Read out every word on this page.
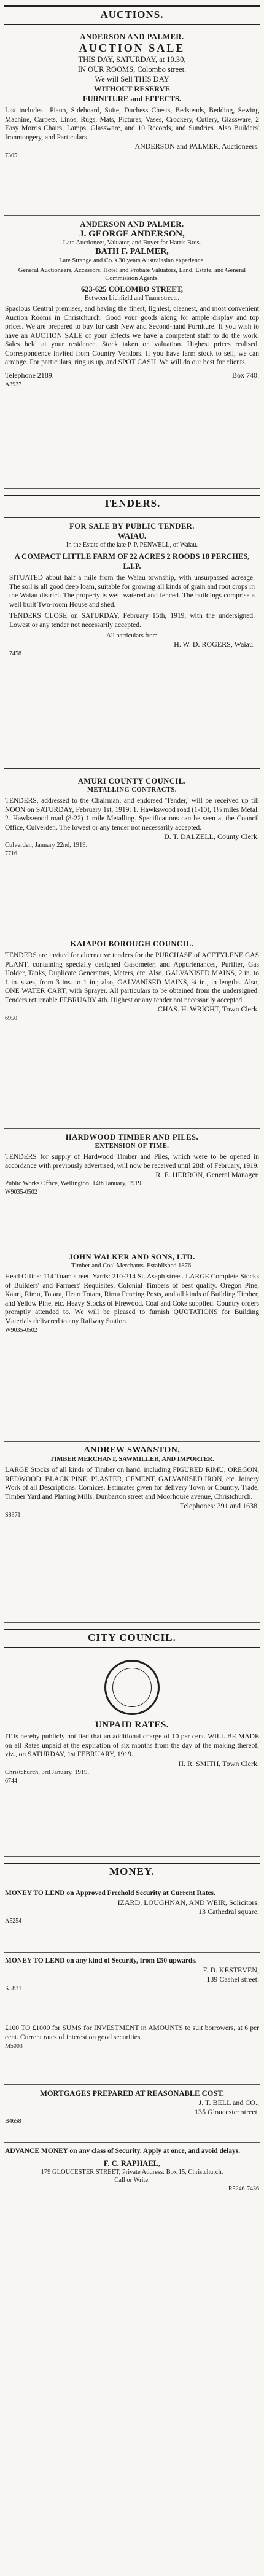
AUCTIONS.
ANDERSON AND PALMER.
AUCTION SALE
THIS DAY, SATURDAY, at 10.30,
IN OUR ROOMS, Colombo street.
We will Sell THIS DAY
WITHOUT RESERVE
FURNITURE and EFFECTS.
List includes—Piano, Sideboard, Suite, Duchess Chests, Bedsteads, Bedding, Sewing Machine, Carpets, Linos, Rugs, Mats, Pictures, Vases, Crockery, Cutlery, Glassware, 2 Easy Morris Chairs, Lamps, Glassware, and 10 Records, and Sundries. Also Builders' Ironmongery, and Particulars.
ANDERSON and PALMER, Auctioneers.
7305
ANDERSON AND PALMER.
J. GEORGE ANDERSON,
Late Auctioneer, Valuator, and Buyer for Harris Bros.
BATH F. PALMER,
Late Strange and Co.'s 30 years Australasian experience.
General Auctioneers, Accessors, Hotel and Probate Valuators, Land, Estate, and General Commission Agents.
623-625 COLOMBO STREET,
Between Lichfield and Tuam streets.
Spacious Central premises, and having the finest, lightest, cleanest, and most convenient Auction Rooms in Christchurch. Good your goods along for ample display and top prices. We are prepared to buy for cash New and Second-hand Furniture. If you wish to have an AUCTION SALE of your Effects we have a competent staff to do the work. Sales held at your residence. Stock taken on valuation. Highest prices realised. Correspondence invited from Country Vendors. If you have farm stock to sell, we can arrange. For particulars, ring us up, and SPOT CASH. We will do our best for clients.
Telephone 2189.	Box 740.
A3937
TENDERS.
FOR SALE BY PUBLIC TENDER.
WAIAU.
In the Estate of the late P. P. PENWELL, of Waiau.
A COMPACT LITTLE FARM OF 22 ACRES 2 ROODS 18 PERCHES, L.I.P.
SITUATED about half a mile from the Waiau township, with unsurpassed acreage. The soil is all good deep loam, suitable for growing all kinds of grain and root crops in the Waiau district. The property is well watered and fenced. The buildings comprise a well built Two-room House and shed.
TENDERS CLOSE on SATURDAY, February 15th, 1919, with the undersigned. Lowest or any tender not necessarily accepted.
All particulars from
H. W. D. ROGERS, Waiau.
7458
AMURI COUNTY COUNCIL.
METALLING CONTRACTS.
TENDERS, addressed to the Chairman, and endorsed 'Tender,' will be received up till NOON on SATURDAY, February 1st, 1919: 1. Hawkswood road (1-10), 1½ miles Metal. 2. Hawkswood road (8-22) 1 mile Metalling. Specifications can be seen at the Council Office, Culverden. The lowest or any tender not necessarily accepted.
D. T. DALZELL, County Clerk.
Culverden, January 22nd, 1919.
7716
KAIAPOI BOROUGH COUNCIL.
TENDERS are invited for alternative tenders for the PURCHASE of ACETYLENE GAS PLANT, containing specially designed Gasometer, and Appurtenances, Purifier, Gas Holder, Tanks, Duplicate Generators, Meters, etc. Also, GALVANISED MAINS, 2 in. to 1 in. sizes, from 3 ins. to 1 in.; also, GALVANISED MAINS, ¾ in., in lengths. Also, ONE WATER CART, with Sprayer. All particulars to be obtained from the undersigned. Tenders returnable FEBRUARY 4th. Highest or any tender not necessarily accepted.
CHAS. H. WRIGHT, Town Clerk.
6950
HARDWOOD TIMBER AND PILES.
EXTENSION OF TIME.
TENDERS for supply of Hardwood Timber and Piles, which were to be opened in accordance with previously advertised, will now be received until 28th of February, 1919.
R. E. HERRON, General Manager.
Public Works Office, Wellington, 14th January, 1919.
W9035-0502
JOHN WALKER AND SONS, LTD.
Timber and Coal Merchants. Established 1876.
Head Office: 114 Tuam street. Yards: 210-214 St. Asaph street. LARGE Complete Stocks of Builders' and Farmers' Requisites. Colonial Timbers of best quality. Oregon Pine, Kauri, Rimu, Totara, Heart Totara, Rimu Fencing Posts, and all kinds of Building Timber, and Yellow Pine, etc. Heavy Stocks of Firewood. Coal and Coke supplied. Country orders promptly attended to. We will be pleased to furnish QUOTATIONS for Building Materials delivered to any Railway Station.
W9035-0502
ANDREW SWANSTON,
TIMBER MERCHANT, SAWMILLER, AND IMPORTER.
LARGE Stocks of all kinds of Timber on hand, including FIGURED RIMU, OREGON, REDWOOD, BLACK PINE, PLASTER, CEMENT, GALVANISED IRON, etc. Joinery Work of all Descriptions. Cornices. Estimates given for delivery Town or Country. Trade, Timber Yard and Planing Mills. Dunbarton street and Moorhouse avenue, Christchurch.
Telephones: 391 and 1638.
S8371
CITY COUNCIL.
UNPAID RATES.
IT is hereby publicly notified that an additional charge of 10 per cent. WILL BE MADE on all Rates unpaid at the expiration of six months from the day of the making thereof, viz., on SATURDAY, 1st FEBRUARY, 1919.
H. R. SMITH, Town Clerk.
Christchurch, 3rd January, 1919.
6744
MONEY.
MONEY TO LEND on Approved Freehold Security at Current Rates.
IZARD, LOUGHNAN, AND WEIR, Solicitors.
13 Cathedral square.
A5254
MONEY TO LEND on any kind of Security, from £50 upwards.
F. D. KESTEVEN,
139 Cashel street.
K5831
£100 TO £1000 for SUMS for INVESTMENT in AMOUNTS to suit borrowers, at 6 per cent. Current rates of interest on good securities.
M5003
MORTGAGES PREPARED AT REASONABLE COST.
J. T. BELL and CO.,
135 Gloucester street.
B4658
ADVANCE MONEY on any class of Security. Apply at once, and avoid delays.
F. C. RAPHAEL,
179 GLOUCESTER STREET, Private Address: Box 15, Christchurch.
Call or Write.
R5246-7436
